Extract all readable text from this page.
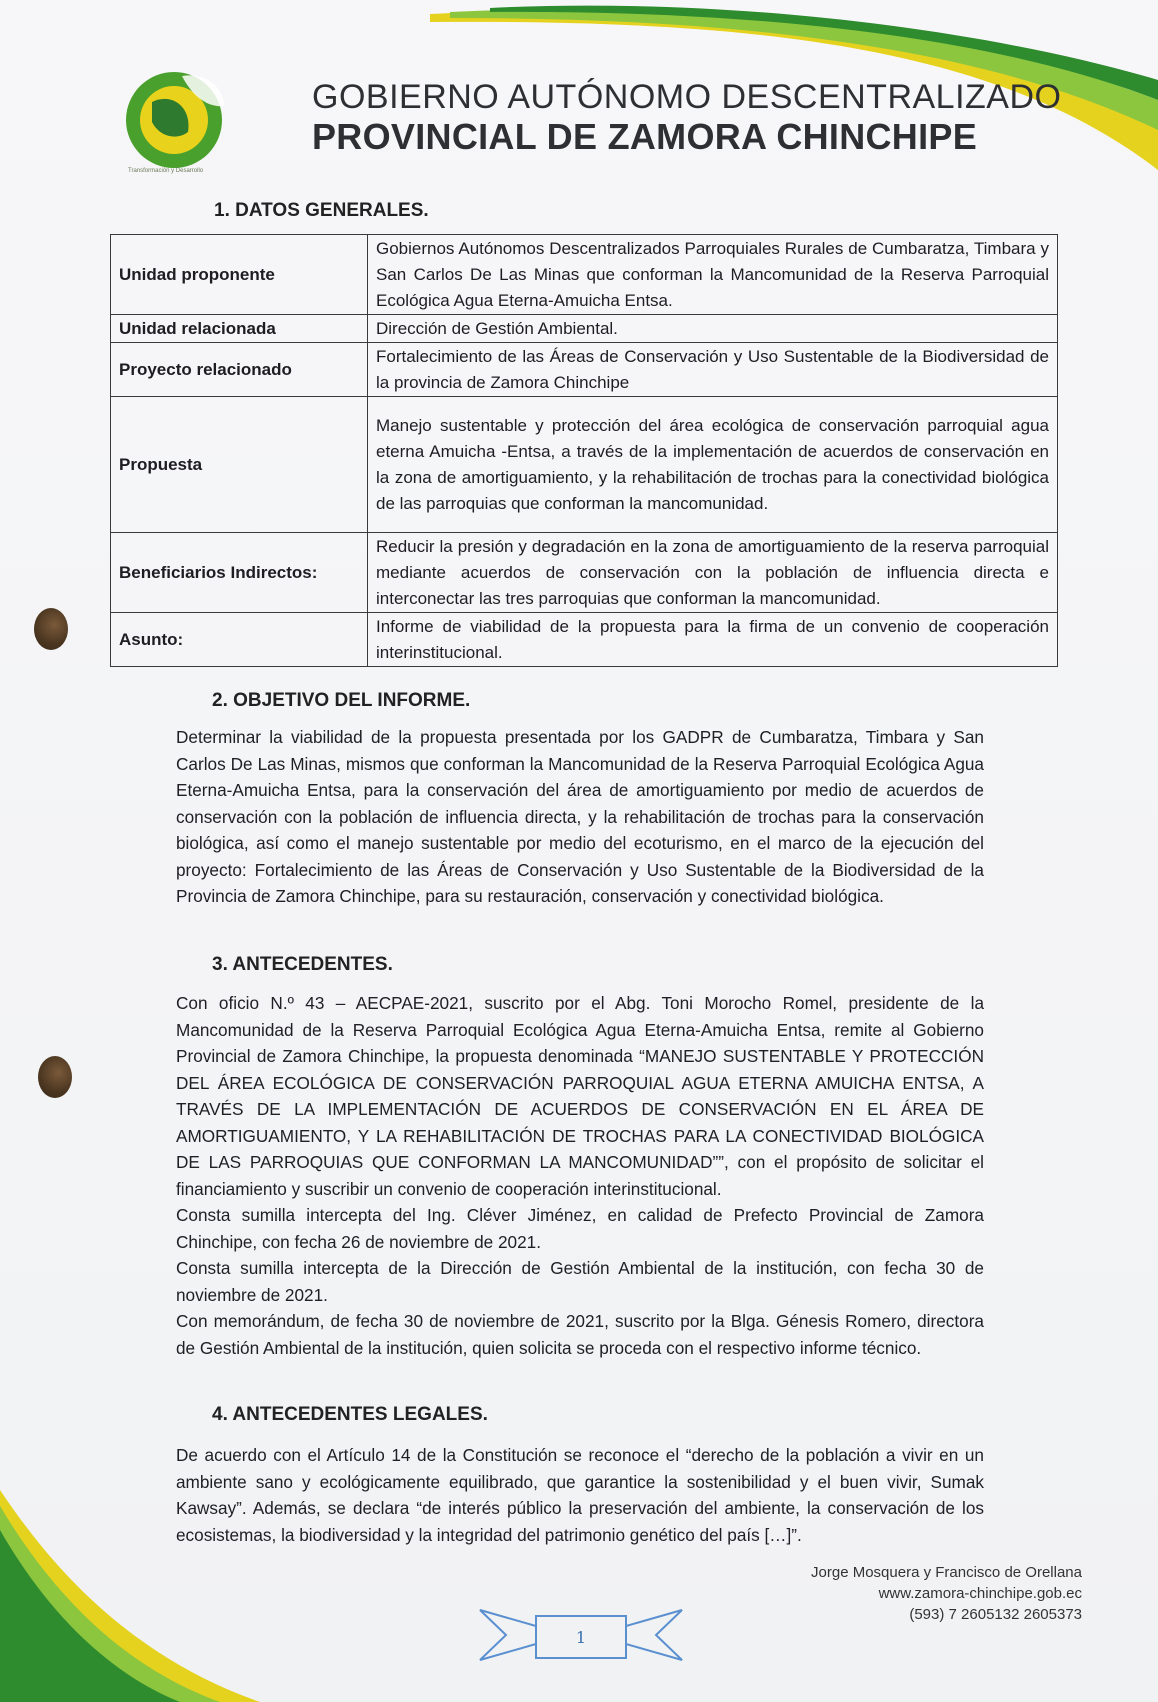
Transformación y Desarrollo
GOBIERNO AUTÓNOMO DESCENTRALIZADO
PROVINCIAL DE ZAMORA CHINCHIPE
1. DATOS GENERALES.
Unidad proponente	Gobiernos Autónomos Descentralizados Parroquiales Rurales de Cumbaratza, Timbara y San Carlos De Las Minas que conforman la Mancomunidad de la Reserva Parroquial Ecológica Agua Eterna-Amuicha Entsa.
Unidad relacionada	Dirección de Gestión Ambiental.
Proyecto relacionado	Fortalecimiento de las Áreas de Conservación y Uso Sustentable de la Biodiversidad de la provincia de Zamora Chinchipe
Propuesta	Manejo sustentable y protección del área ecológica de conservación parroquial agua eterna Amuicha -Entsa, a través de la implementación de acuerdos de conservación en la zona de amortiguamiento, y la rehabilitación de trochas para la conectividad biológica de las parroquias que conforman la mancomunidad.
Beneficiarios Indirectos:	Reducir la presión y degradación en la zona de amortiguamiento de la reserva parroquial mediante acuerdos de conservación con la población de influencia directa e interconectar las tres parroquias que conforman la mancomunidad.
Asunto:	Informe de viabilidad de la propuesta para la firma de un convenio de cooperación interinstitucional.
2. OBJETIVO DEL INFORME.

Determinar la viabilidad de la propuesta presentada por los GADPR de Cumbaratza, Timbara y San Carlos De Las Minas, mismos que conforman la Mancomunidad de la Reserva Parroquial Ecológica Agua Eterna-Amuicha Entsa, para la conservación del área de amortiguamiento por medio de acuerdos de conservación con la población de influencia directa, y la rehabilitación de trochas para la conservación biológica, así como el manejo sustentable por medio del ecoturismo, en el marco de la ejecución del proyecto: Fortalecimiento de las Áreas de Conservación y Uso Sustentable de la Biodiversidad de la Provincia de Zamora Chinchipe, para su restauración, conservación y conectividad biológica.

3. ANTECEDENTES.

Con oficio N.º 43 – AECPAE-2021, suscrito por el Abg. Toni Morocho Romel, presidente de la Mancomunidad de la Reserva Parroquial Ecológica Agua Eterna-Amuicha Entsa, remite al Gobierno Provincial de Zamora Chinchipe, la propuesta denominada “MANEJO SUSTENTABLE Y PROTECCIÓN DEL ÁREA ECOLÓGICA DE CONSERVACIÓN PARROQUIAL AGUA ETERNA AMUICHA ENTSA, A TRAVÉS DE LA IMPLEMENTACIÓN DE ACUERDOS DE CONSERVACIÓN EN EL ÁREA DE AMORTIGUAMIENTO, Y LA REHABILITACIÓN DE TROCHAS PARA LA CONECTIVIDAD BIOLÓGICA DE LAS PARROQUIAS QUE CONFORMAN LA MANCOMUNIDAD””, con el propósito de solicitar el financiamiento y suscribir un convenio de cooperación interinstitucional.

Consta sumilla intercepta del Ing. Cléver Jiménez, en calidad de Prefecto Provincial de Zamora Chinchipe, con fecha 26 de noviembre de 2021.

Consta sumilla intercepta de la Dirección de Gestión Ambiental de la institución, con fecha 30 de noviembre de 2021.

Con memorándum, de fecha 30 de noviembre de 2021, suscrito por la Blga. Génesis Romero, directora de Gestión Ambiental de la institución, quien solicita se proceda con el respectivo informe técnico.

4. ANTECEDENTES LEGALES.

De acuerdo con el Artículo 14 de la Constitución se reconoce el “derecho de la población a vivir en un ambiente sano y ecológicamente equilibrado, que garantice la sostenibilidad y el buen vivir, Sumak Kawsay”. Además, se declara “de interés público la preservación del ambiente, la conservación de los ecosistemas, la biodiversidad y la integridad del patrimonio genético del país […]”.

Jorge Mosquera y Francisco de Orellana
www.zamora-chinchipe.gob.ec
(593) 7 2605132 2605373
1
